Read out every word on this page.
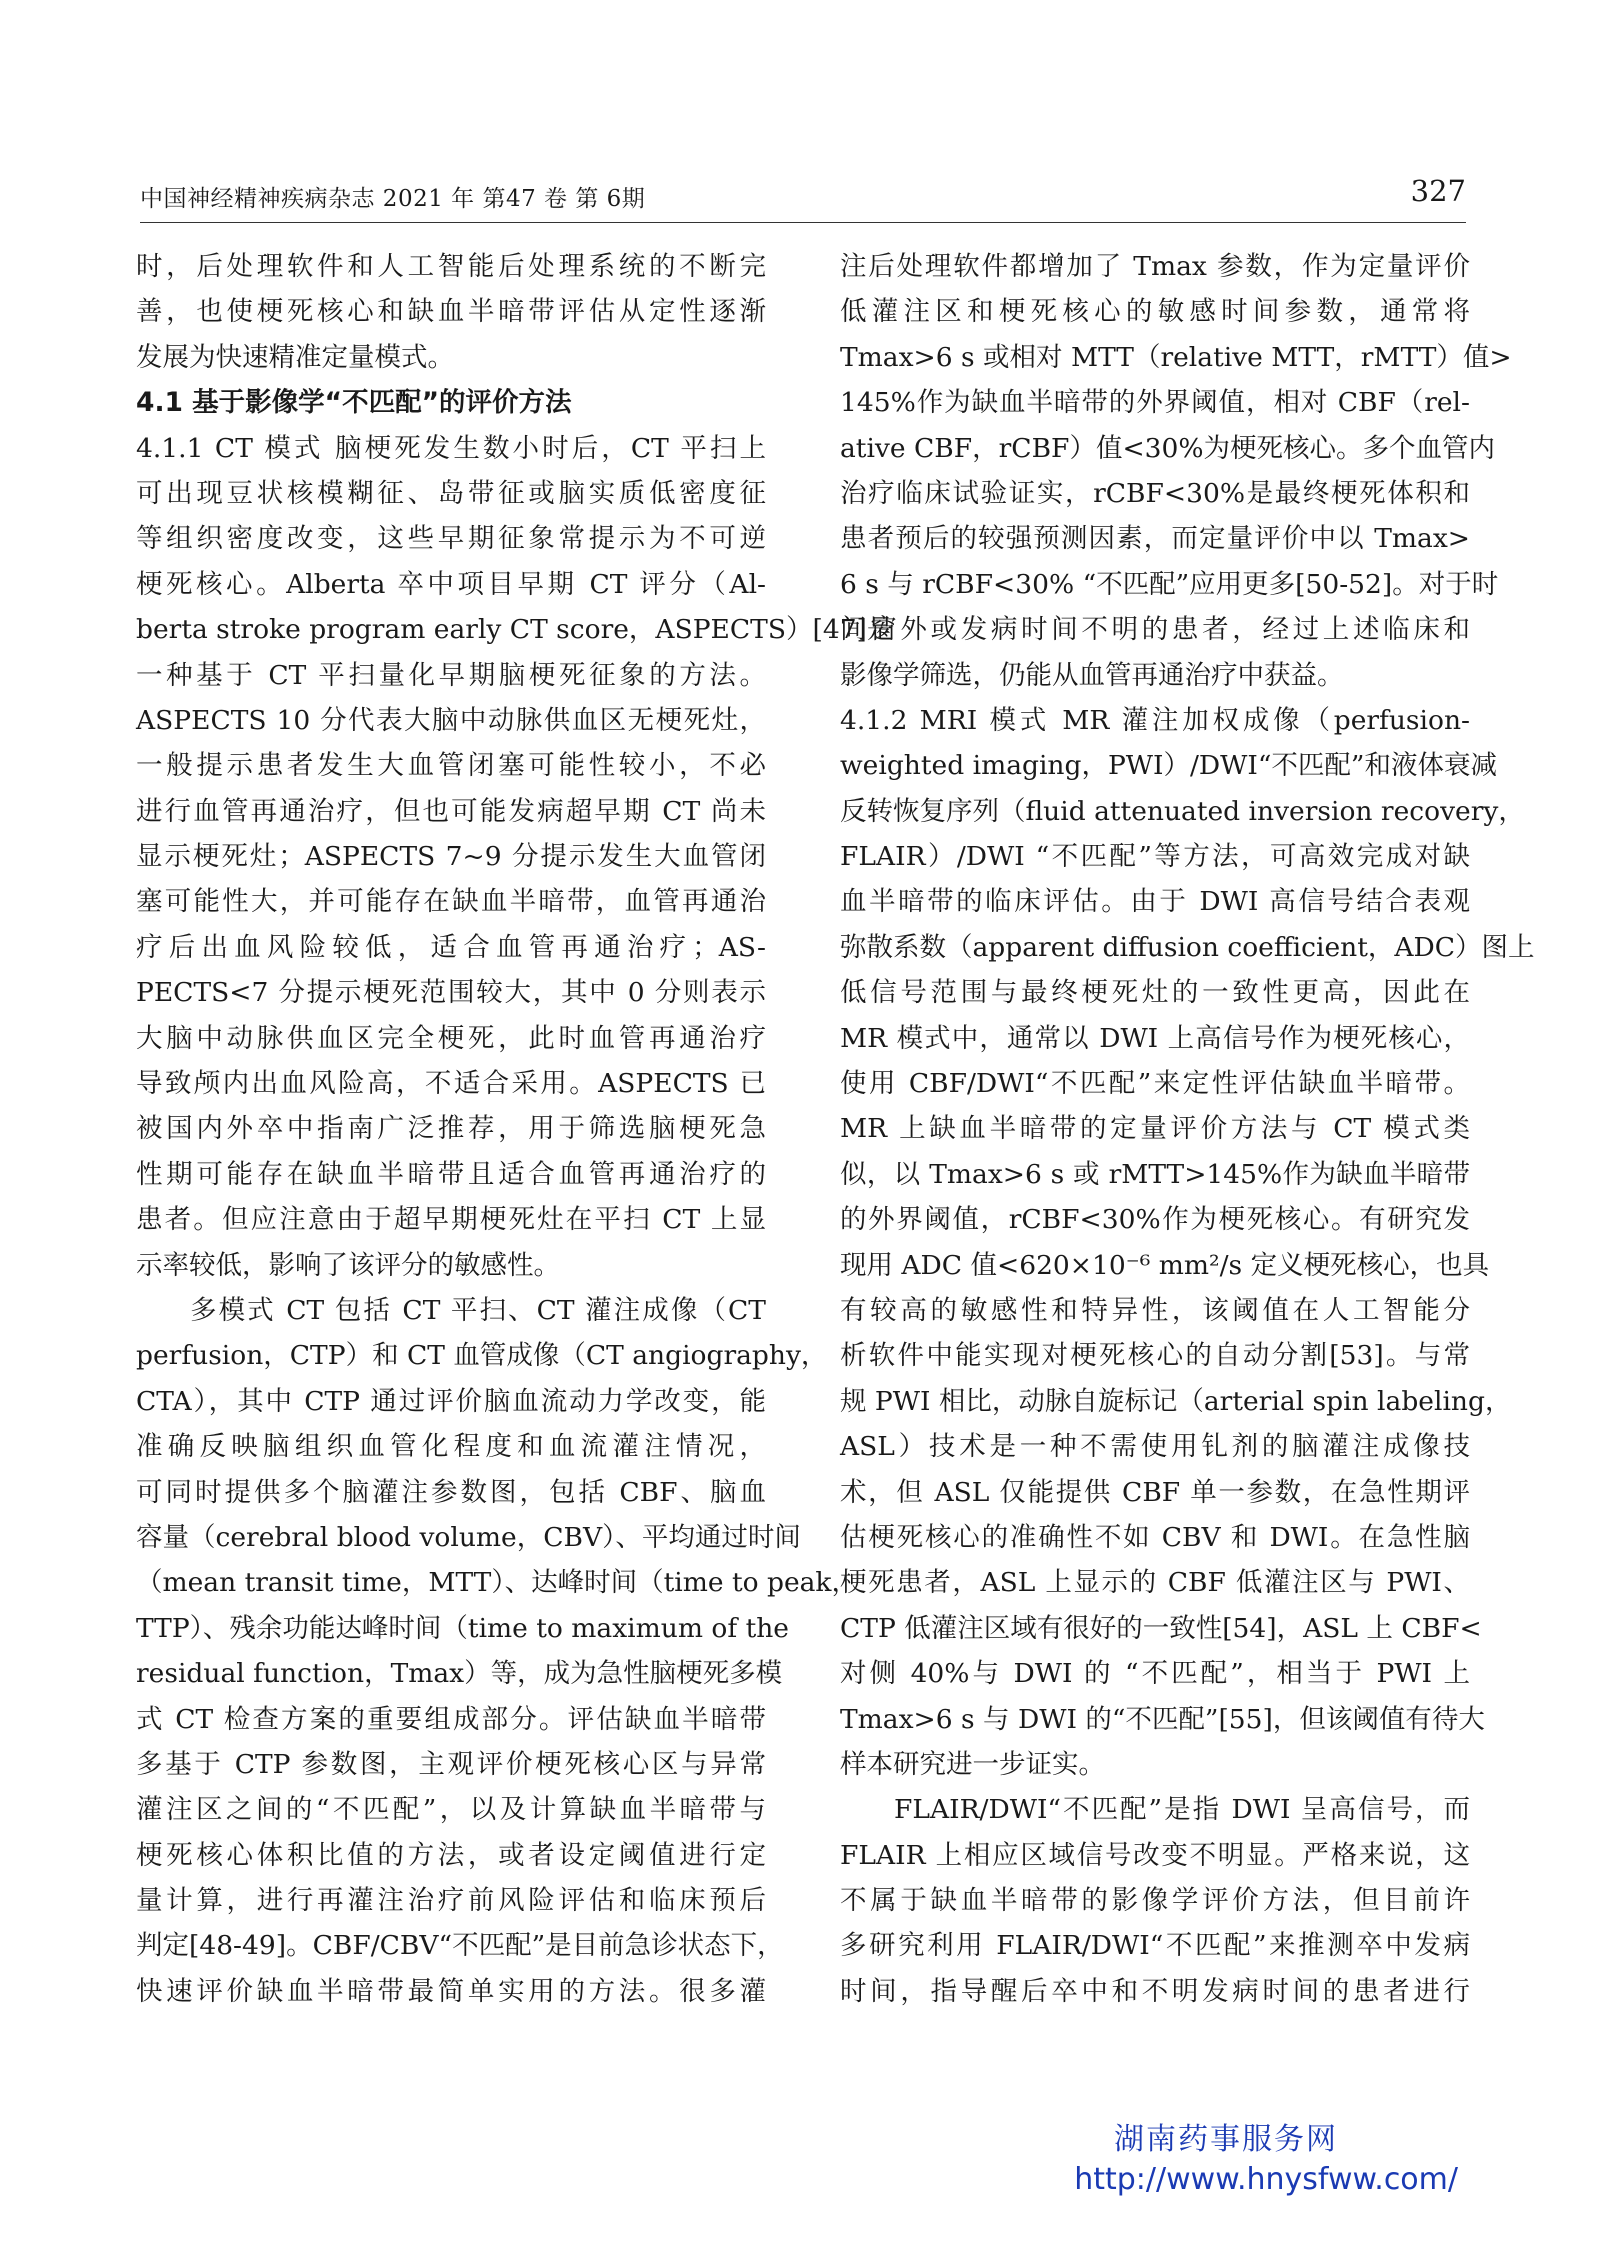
中国神经精神疾病杂志 2021 年 第47 卷 第 6期	327
时，后处理软件和人工智能后处理系统的不断完
善，也使梗死核心和缺血半暗带评估从定性逐渐
发展为快速精准定量模式。
4.1 基于影像学“不匹配”的评价方法
4.1.1 CT 模式 脑梗死发生数小时后，CT 平扫上
可出现豆状核模糊征、岛带征或脑实质低密度征
等组织密度改变，这些早期征象常提示为不可逆
梗死核心。Alberta 卒中项目早期 CT 评分（Al-
berta stroke program early CT score，ASPECTS）[47]是
一种基于 CT 平扫量化早期脑梗死征象的方法。
ASPECTS 10 分代表大脑中动脉供血区无梗死灶，
一般提示患者发生大血管闭塞可能性较小，不必
进行血管再通治疗，但也可能发病超早期 CT 尚未
显示梗死灶；ASPECTS 7~9 分提示发生大血管闭
塞可能性大，并可能存在缺血半暗带，血管再通治
疗后出血风险较低，适合血管再通治疗；AS-
PECTS<7 分提示梗死范围较大，其中 0 分则表示
大脑中动脉供血区完全梗死，此时血管再通治疗
导致颅内出血风险高，不适合采用。ASPECTS 已
被国内外卒中指南广泛推荐，用于筛选脑梗死急
性期可能存在缺血半暗带且适合血管再通治疗的
患者。但应注意由于超早期梗死灶在平扫 CT 上显
示率较低，影响了该评分的敏感性。
多模式 CT 包括 CT 平扫、CT 灌注成像（CT
perfusion，CTP）和 CT 血管成像（CT angiography，
CTA），其中 CTP 通过评价脑血流动力学改变，能
准确反映脑组织血管化程度和血流灌注情况，
可同时提供多个脑灌注参数图，包括 CBF、脑血
容量（cerebral blood volume，CBV）、平均通过时间
（mean transit time，MTT）、达峰时间（time to peak，
TTP）、残余功能达峰时间（time to maximum of the
residual function，Tmax）等，成为急性脑梗死多模
式 CT 检查方案的重要组成部分。评估缺血半暗带
多基于 CTP 参数图，主观评价梗死核心区与异常
灌注区之间的“不匹配”，以及计算缺血半暗带与
梗死核心体积比值的方法，或者设定阈值进行定
量计算，进行再灌注治疗前风险评估和临床预后
判定[48-49]。CBF/CBV“不匹配”是目前急诊状态下，
快速评价缺血半暗带最简单实用的方法。很多灌
注后处理软件都增加了 Tmax 参数，作为定量评价
低灌注区和梗死核心的敏感时间参数，通常将
Tmax>6 s 或相对 MTT（relative MTT，rMTT）值>
145%作为缺血半暗带的外界阈值，相对 CBF（rel-
ative CBF，rCBF）值<30%为梗死核心。多个血管内
治疗临床试验证实，rCBF<30%是最终梗死体积和
患者预后的较强预测因素，而定量评价中以 Tmax>
6 s 与 rCBF<30% “不匹配”应用更多[50-52]。对于时
间窗外或发病时间不明的患者，经过上述临床和
影像学筛选，仍能从血管再通治疗中获益。
4.1.2 MRI 模式 MR 灌注加权成像（perfusion-
weighted imaging，PWI）/DWI“不匹配”和液体衰减
反转恢复序列（fluid attenuated inversion recovery，
FLAIR）/DWI “不匹配”等方法，可高效完成对缺
血半暗带的临床评估。由于 DWI 高信号结合表观
弥散系数（apparent diffusion coefficient，ADC）图上
低信号范围与最终梗死灶的一致性更高，因此在
MR 模式中，通常以 DWI 上高信号作为梗死核心，
使用 CBF/DWI“不匹配”来定性评估缺血半暗带。
MR 上缺血半暗带的定量评价方法与 CT 模式类
似，以 Tmax>6 s 或 rMTT>145%作为缺血半暗带
的外界阈值，rCBF<30%作为梗死核心。有研究发
现用 ADC 值<620×10⁻⁶ mm²/s 定义梗死核心，也具
有较高的敏感性和特异性，该阈值在人工智能分
析软件中能实现对梗死核心的自动分割[53]。与常
规 PWI 相比，动脉自旋标记（arterial spin labeling，
ASL）技术是一种不需使用钆剂的脑灌注成像技
术，但 ASL 仅能提供 CBF 单一参数，在急性期评
估梗死核心的准确性不如 CBV 和 DWI。在急性脑
梗死患者，ASL 上显示的 CBF 低灌注区与 PWI、
CTP 低灌注区域有很好的一致性[54]，ASL 上 CBF<
对侧 40%与 DWI 的 “不匹配”，相当于 PWI 上
Tmax>6 s 与 DWI 的“不匹配”[55]，但该阈值有待大
样本研究进一步证实。
FLAIR/DWI“不匹配”是指 DWI 呈高信号，而
FLAIR 上相应区域信号改变不明显。严格来说，这
不属于缺血半暗带的影像学评价方法，但目前许
多研究利用 FLAIR/DWI“不匹配”来推测卒中发病
时间，指导醒后卒中和不明发病时间的患者进行
湖南药事服务网
http://www.hnysfww.com/
